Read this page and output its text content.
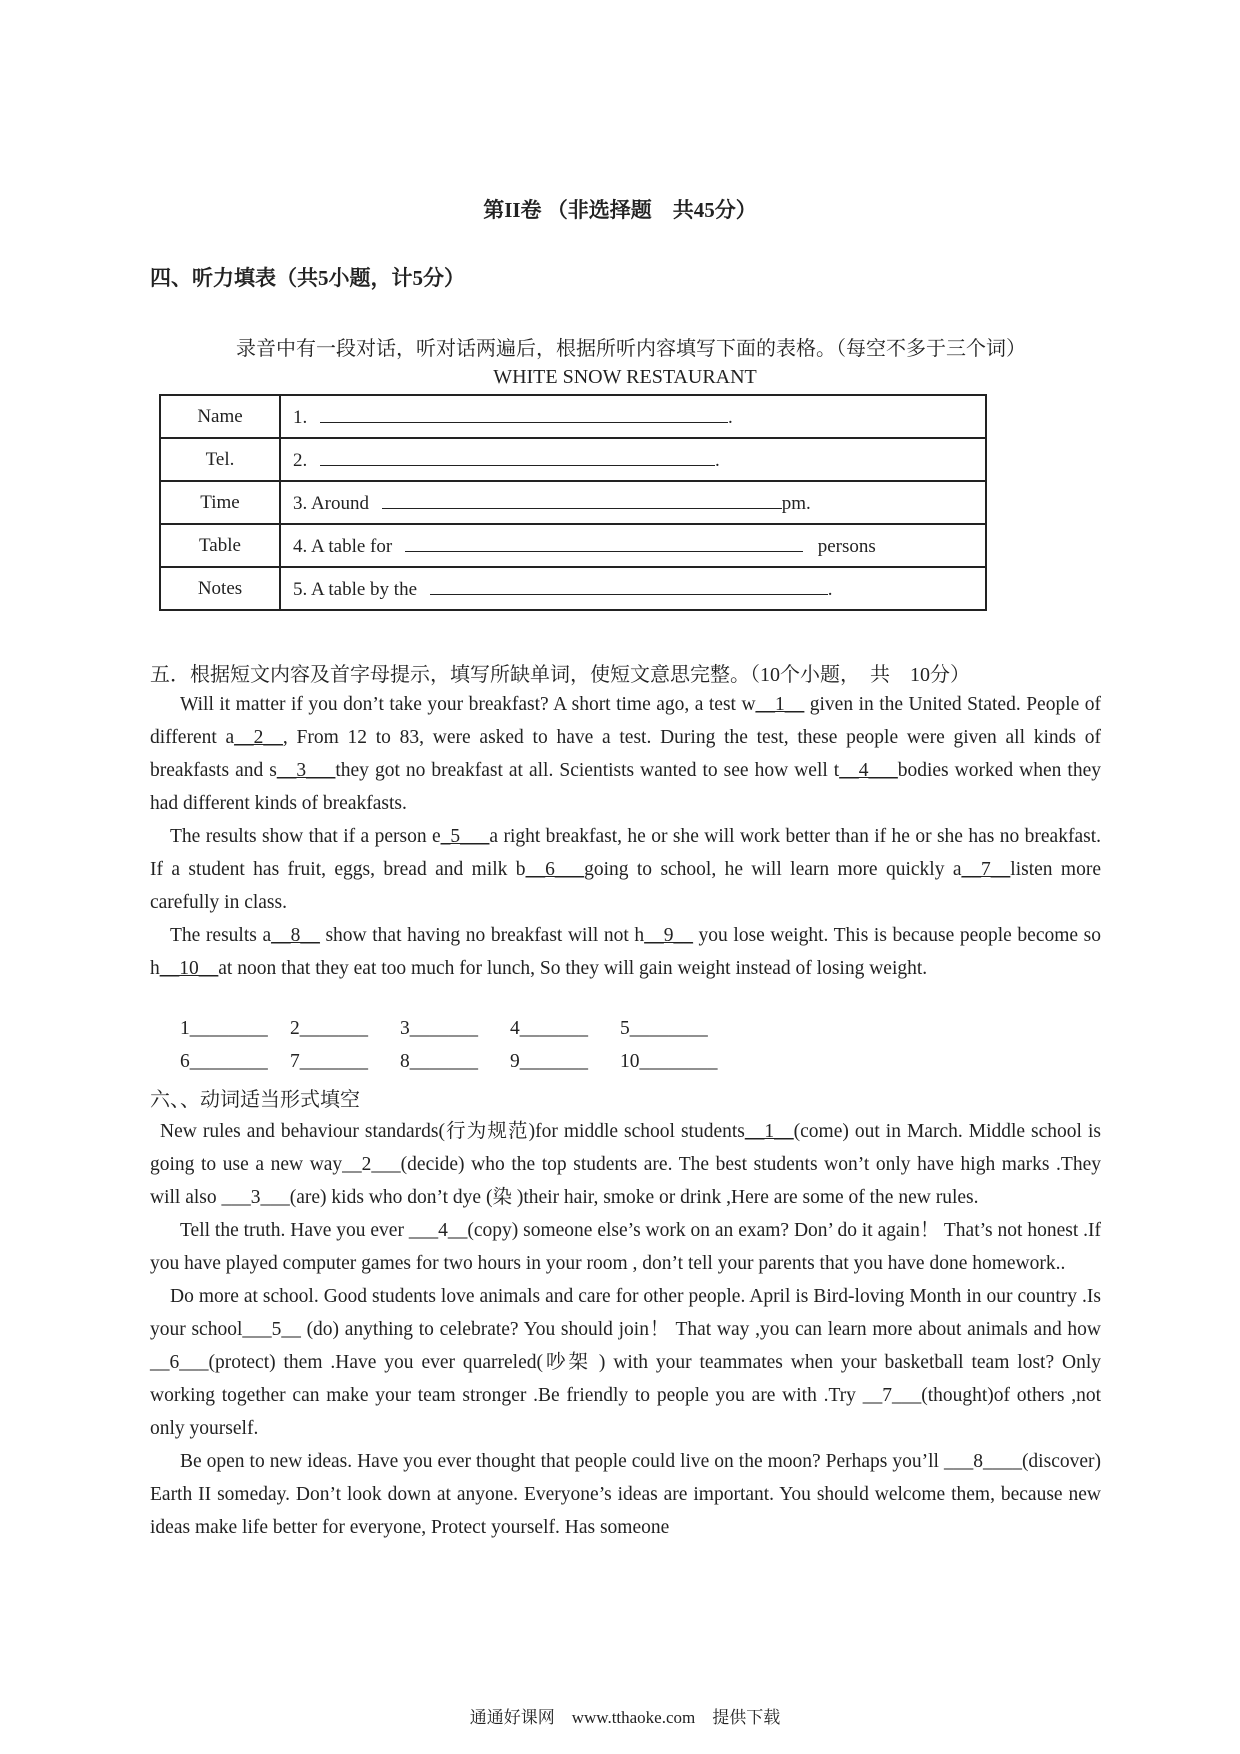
第II卷 （非选择题　共45分）
四、听力填表（共5小题，计5分）
录音中有一段对话，听对话两遍后，根据所听内容填写下面的表格。（每空不多于三个词）
WHITE SNOW RESTAURANT
Name	1. .
Tel.	2. .
Time	3. Around pm.
Table	4. A table for persons
Notes	5. A table by the .
五．根据短文内容及首字母提示，填写所缺单词，使短文意思完整。（10个小题，　共　10分）
Will it matter if you don’t take your breakfast? A short time ago, a test w__1__ given in the United Stated. People of different a__2__, From 12 to 83, were asked to have a test. During the test, these people were given all kinds of breakfasts and s__3___they got no breakfast at all. Scientists wanted to see how well t__4___bodies worked when they had different kinds of breakfasts.
The results show that if a person e_5___a right breakfast, he or she will work better than if he or she has no breakfast. If a student has fruit, eggs, bread and milk b__6___going to school, he will learn more quickly a__7__listen more carefully in class.
The results a__8__ show that having no breakfast will not h__9__ you lose weight. This is because people become so h__10__at noon that they eat too much for lunch, So they will gain weight instead of losing weight.
1________ 2_______ 3_______ 4_______ 5________
6________ 7_______ 8_______ 9_______ 10________
六、、动词适当形式填空
New rules and behaviour standards(行为规范)for middle school students__1__(come) out in March. Middle school is going to use a new way__2___(decide) who the top students are. The best students won’t only have high marks .They will also ___3___(are) kids who don’t dye (染 )their hair, smoke or drink ,Here are some of the new rules.
Tell the truth. Have you ever ___4__(copy) someone else’s work on an exam? Don’ do it again！ That’s not honest .If you have played computer games for two hours in your room , don’t tell your parents that you have done homework..
Do more at school. Good students love animals and care for other people. April is Bird-loving Month in our country .Is your school___5__ (do) anything to celebrate? You should join！ That way ,you can learn more about animals and how __6___(protect) them .Have you ever quarreled(吵架 ) with your teammates when your basketball team lost? Only working together can make your team stronger .Be friendly to people you are with .Try __7___(thought)of others ,not only yourself.
Be open to new ideas. Have you ever thought that people could live on the moon? Perhaps you’ll ___8____(discover) Earth II someday. Don’t look down at anyone. Everyone’s ideas are important. You should welcome them, because new ideas make life better for everyone, Protect yourself. Has someone
通通好课网　www.tthaoke.com　提供下载
